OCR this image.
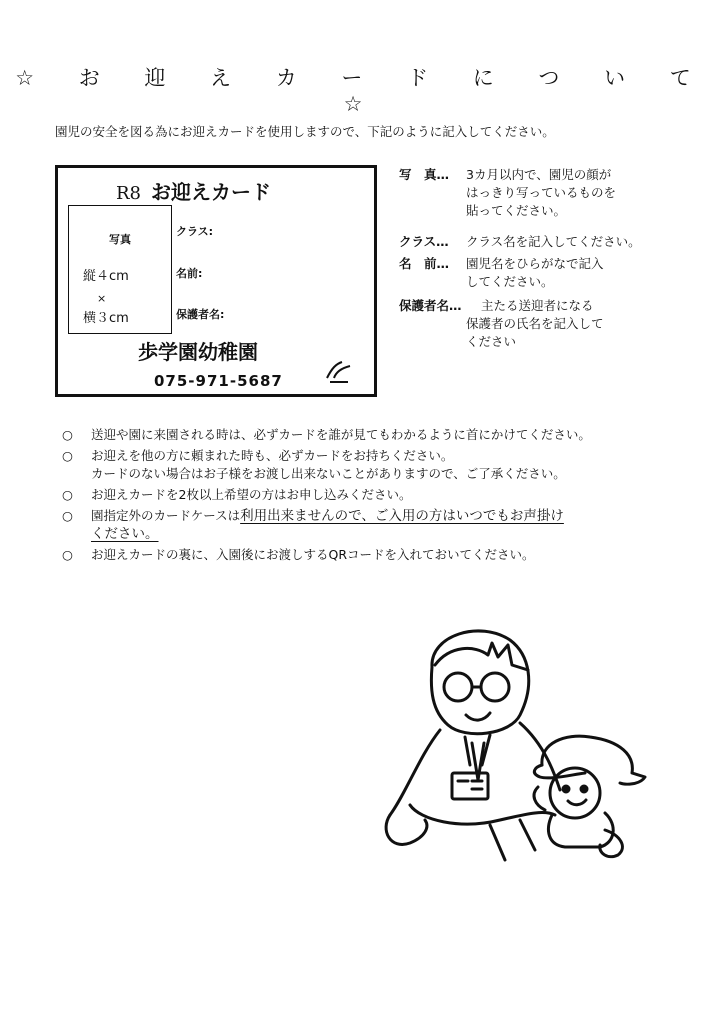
☆ お 迎 え カ ー ド に つ い て ☆
園児の安全を図る為にお迎えカードを使用しますので、下記のように記入してください。
R8 お迎えカード
写真
縦４cm
×
横３cm
クラス:
名前:
保護者名:
歩学園幼稚園
075-971-5687
写　真… 3カ月以内で、園児の顔が
はっきり写っているものを
貼ってください。
クラス… クラス名を記入してください。
名　前… 園児名をひらがなで記入
してください。
保護者名… 主たる送迎者になる
保護者の氏名を記入して
ください
○ 送迎や園に来園される時は、必ずカードを誰が見てもわかるように首にかけてください。
○ お迎えを他の方に頼まれた時も、必ずカードをお持ちください。
カードのない場合はお子様をお渡し出来ないことがありますので、ご了承ください。
○ お迎えカードを2枚以上希望の方はお申し込みください。
○ 園指定外のカードケースは利用出来ませんので、ご入用の方はいつでもお声掛け
ください。
○ お迎えカードの裏に、入園後にお渡しするQRコードを入れておいてください。
